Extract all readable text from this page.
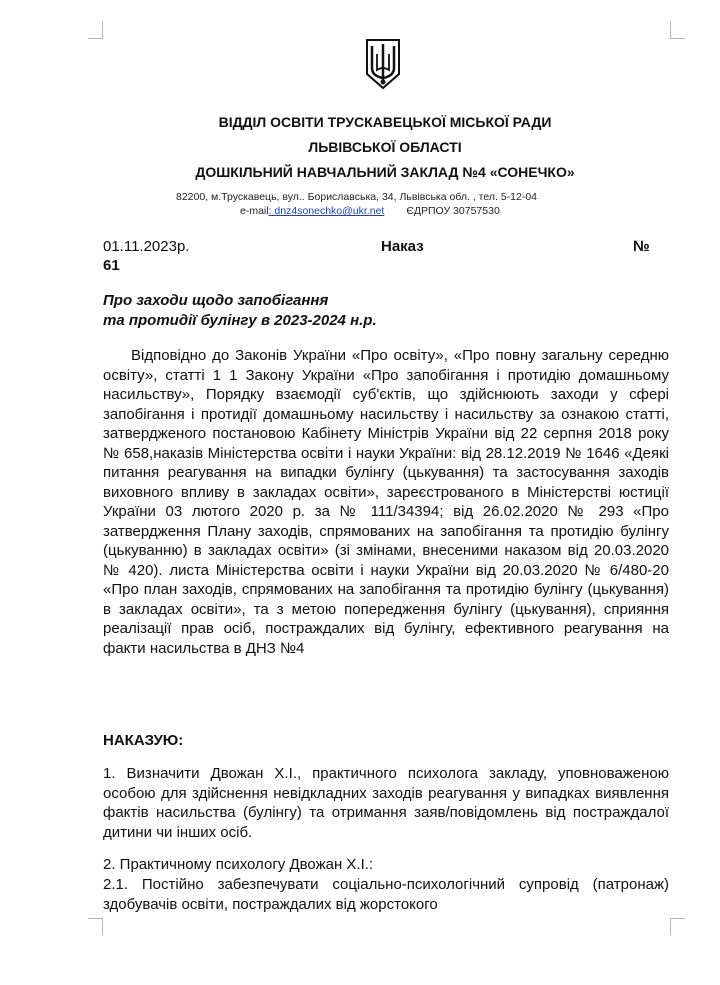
ВІДДІЛ ОСВІТИ ТРУСКАВЕЦЬКОЇ МІСЬКОЇ РАДИ
ЛЬВІВСЬКОЇ ОБЛАСТІ
ДОШКІЛЬНИЙ НАВЧАЛЬНИЙ ЗАКЛАД №4 «СОНЕЧКО»
82200, м.Трускавець, вул.. Бориславська, 34, Львівська обл. , тел. 5-12-04
e-mail: dnz4sonechko@ukr.net ЄДРПОУ 30757530
01.11.2023р.	Наказ	№
61
Про заходи щодо запобігання
та протидії булінгу в 2023-2024 н.р.
Відповідно до Законів України «Про освіту», «Про повну загальну середню освіту», статті 1 1 Закону України «Про запобігання і протидію домашньому насильству», Порядку взаємодії суб'єктів, що здійснюють заходи у сфері запобігання і протидії домашньому насильству і насильству за ознакою статті, затвердженого постановою Кабінету Міністрів України від 22 серпня 2018 року № 658,наказів Міністерства освіти і науки України: від 28.12.2019 № 1646 «Деякі питання реагування на випадки булінгу (цькування) та застосування заходів виховного впливу в закладах освіти», зареєстрованого в Міністерстві юстиції України 03 лютого 2020 р. за № 111/34394; від 26.02.2020 № 293 «Про затвердження Плану заходів, спрямованих на запобігання та протидію булінгу (цькуванню) в закладах освіти» (зі змінами, внесеними наказом від 20.03.2020 № 420). листа Міністерства освіти і науки України від 20.03.2020 № 6/480-20 «Про план заходів, спрямованих на запобігання та протидію булінгу (цькування) в закладах освіти», та з метою попередження булінгу (цькування), сприяння реалізації прав осіб, постраждалих від булінгу, ефективного реагування на факти насильства в ДНЗ №4
НАКАЗУЮ:
1. Визначити Двожан Х.І., практичного психолога закладу, уповноваженою особою для здійснення невідкладних заходів реагування у випадках виявлення фактів насильства (булінгу) та отримання заяв/повідомлень від постраждалої дитини чи інших осіб.
2. Практичному психологу Двожан Х.І.:
2.1. Постійно забезпечувати соціально-психологічний супровід (патронаж) здобувачів освіти, постраждалих від жорстокого
